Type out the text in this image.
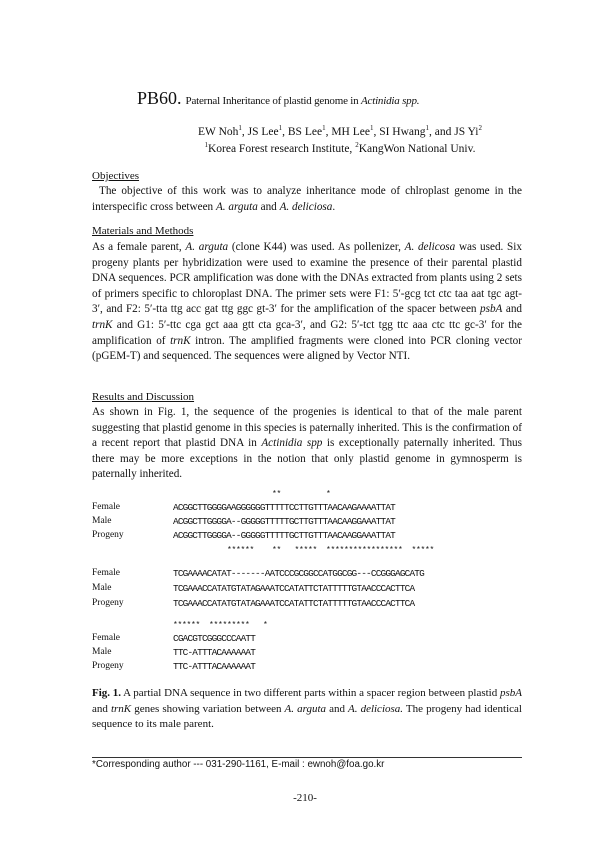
PB60. Paternal Inheritance of plastid genome in Actinidia spp.
EW Noh$^1$, JS Lee$^1$, BS Lee$^1$, MH Lee$^1$, SI Hwang$^1$, and JS Yi$^2$
$^1$Korea Forest research Institute, $^2$KangWon National Univ.
Objectives
The objective of this work was to analyze inheritance mode of chlroplast genome in the interspecific cross between A. arguta and A. deliciosa.
Materials and Methods
As a female parent, A. arguta (clone K44) was used. As pollenizer, A. delicosa was used. Six progeny plants per hybridization were used to examine the presence of their parental plastid DNA sequences. PCR amplification was done with the DNAs extracted from plants using 2 sets of primers specific to chloroplast DNA. The primer sets were F1: 5′-gcg tct ctc taa aat tgc agt-3′, and F2: 5′-tta ttg acc gat ttg ggc gt-3′ for the amplification of the spacer between psbA and trnK and G1: 5′-ttc cga gct aaa gtt cta gca-3′, and G2: 5′-tct tgg ttc aaa ctc ttc gc-3′ for the amplification of trnK intron. The amplified fragments were cloned into PCR cloning vector (pGEM-T) and sequenced. The sequences were aligned by Vector NTI.
Results and Discussion
As shown in Fig. 1, the sequence of the progenies is identical to that of the male parent suggesting that plastid genome in this species is paternally inherited. This is the confirmation of a recent report that plastid DNA in Actinidia spp is exceptionally paternally inherited. Thus there may be more exceptions in the notion that only plastid genome in gymnosperm is paternally inherited.
**          *
Female	ACGGCTTGGGGAAGGGGGGTTTTTCCTTGTTTAACAAGAAAATTAT
Male	ACGGCTTGGGGA--GGGGGTTTTTGCTTGTTTAACAAGGAAATTAT
Progeny	ACGGCTTGGGGA--GGGGGTTTTTGCTTGTTTAACAAGGAAATTAT
******    **   *****  *****************  *****
Female	TCGAAAACATAT-------AATCCCGCGGCCATGGCGG---CCGGGAGCATG
Male	TCGAAACCATATGTATAGAAATCCATATTCTATTTTTGTAACCCACTTCA
Progeny	TCGAAACCATATGTATAGAAATCCATATTCTATTTTTGTAACCCACTTCA
******  *********   *
Female	CGACGTCGGGCCCAATT
Male	TTC-ATTTACAAAAAAT
Progeny	TTC-ATTTACAAAAAAT
Fig. 1. A partial DNA sequence in two different parts within a spacer region between plastid psbA and trnK genes showing variation between A. arguta and A. deliciosa. The progeny had identical sequence to its male parent.
*Corresponding author --- 031-290-1161, E-mail : ewnoh@foa.go.kr
-210-
